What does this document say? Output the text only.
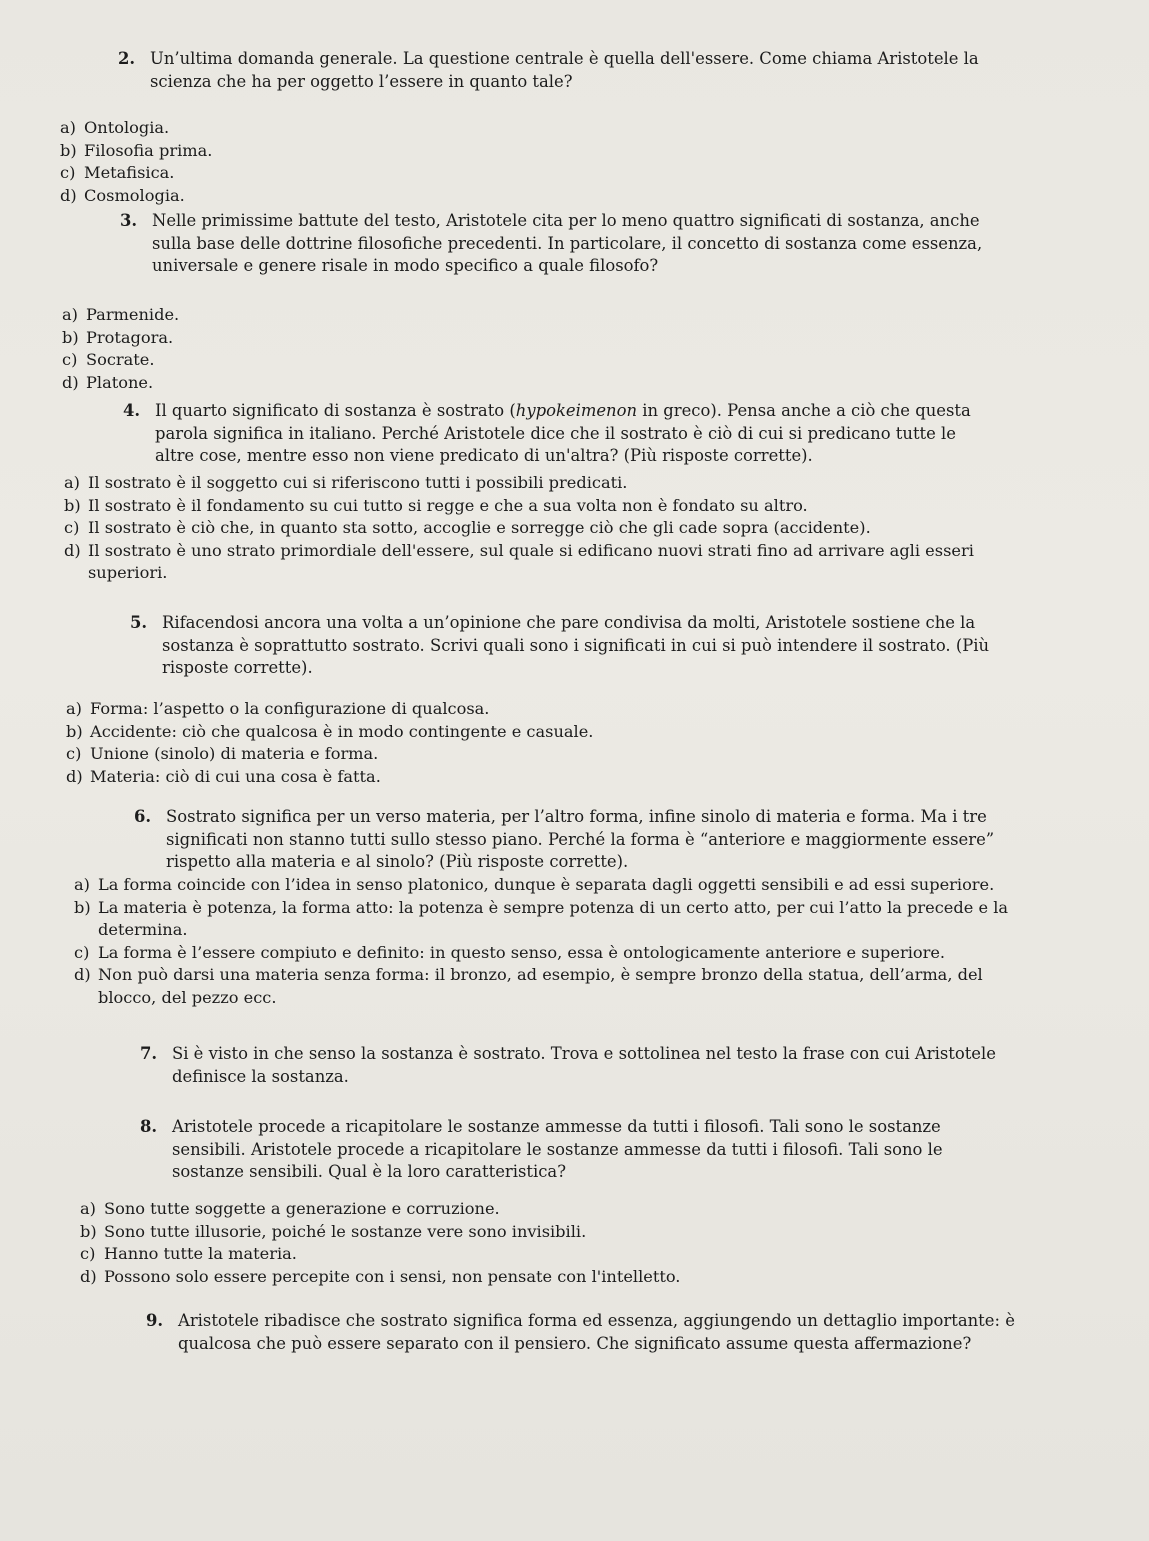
2. Un’ultima domanda generale. La questione centrale è quella dell'essere. Come chiama Aristotele la scienza che ha per oggetto l’essere in quanto tale?
a) Ontologia.
b) Filosofia prima.
c) Metafisica.
d) Cosmologia.
3. Nelle primissime battute del testo, Aristotele cita per lo meno quattro significati di sostanza, anche sulla base delle dottrine filosofiche precedenti. In particolare, il concetto di sostanza come essenza, universale e genere risale in modo specifico a quale filosofo?
a) Parmenide.
b) Protagora.
c) Socrate.
d) Platone.
4. Il quarto significato di sostanza è sostrato (hypokeimenon in greco). Pensa anche a ciò che questa parola significa in italiano. Perché Aristotele dice che il sostrato è ciò di cui si predicano tutte le altre cose, mentre esso non viene predicato di un'altra? (Più risposte corrette).
a) Il sostrato è il soggetto cui si riferiscono tutti i possibili predicati.
b) Il sostrato è il fondamento su cui tutto si regge e che a sua volta non è fondato su altro.
c) Il sostrato è ciò che, in quanto sta sotto, accoglie e sorregge ciò che gli cade sopra (accidente).
d) Il sostrato è uno strato primordiale dell'essere, sul quale si edificano nuovi strati fino ad arrivare agli esseri superiori.
5. Rifacendosi ancora una volta a un’opinione che pare condivisa da molti, Aristotele sostiene che la sostanza è soprattutto sostrato. Scrivi quali sono i significati in cui si può intendere il sostrato. (Più risposte corrette).
a) Forma: l’aspetto o la configurazione di qualcosa.
b) Accidente: ciò che qualcosa è in modo contingente e casuale.
c) Unione (sinolo) di materia e forma.
d) Materia: ciò di cui una cosa è fatta.
6. Sostrato significa per un verso materia, per l’altro forma, infine sinolo di materia e forma. Ma i tre significati non stanno tutti sullo stesso piano. Perché la forma è “anteriore e maggiormente essere” rispetto alla materia e al sinolo? (Più risposte corrette).
a) La forma coincide con l’idea in senso platonico, dunque è separata dagli oggetti sensibili e ad essi superiore.
b) La materia è potenza, la forma atto: la potenza è sempre potenza di un certo atto, per cui l’atto la precede e la determina.
c) La forma è l’essere compiuto e definito: in questo senso, essa è ontologicamente anteriore e superiore.
d) Non può darsi una materia senza forma: il bronzo, ad esempio, è sempre bronzo della statua, dell’arma, del blocco, del pezzo ecc.
7. Si è visto in che senso la sostanza è sostrato. Trova e sottolinea nel testo la frase con cui Aristotele definisce la sostanza.
8. Aristotele procede a ricapitolare le sostanze ammesse da tutti i filosofi. Tali sono le sostanze sensibili. Aristotele procede a ricapitolare le sostanze ammesse da tutti i filosofi. Tali sono le sostanze sensibili. Qual è la loro caratteristica?
a) Sono tutte soggette a generazione e corruzione.
b) Sono tutte illusorie, poiché le sostanze vere sono invisibili.
c) Hanno tutte la materia.
d) Possono solo essere percepite con i sensi, non pensate con l'intelletto.
9. Aristotele ribadisce che sostrato significa forma ed essenza, aggiungendo un dettaglio importante: è qualcosa che può essere separato con il pensiero. Che significato assume questa affermazione?
